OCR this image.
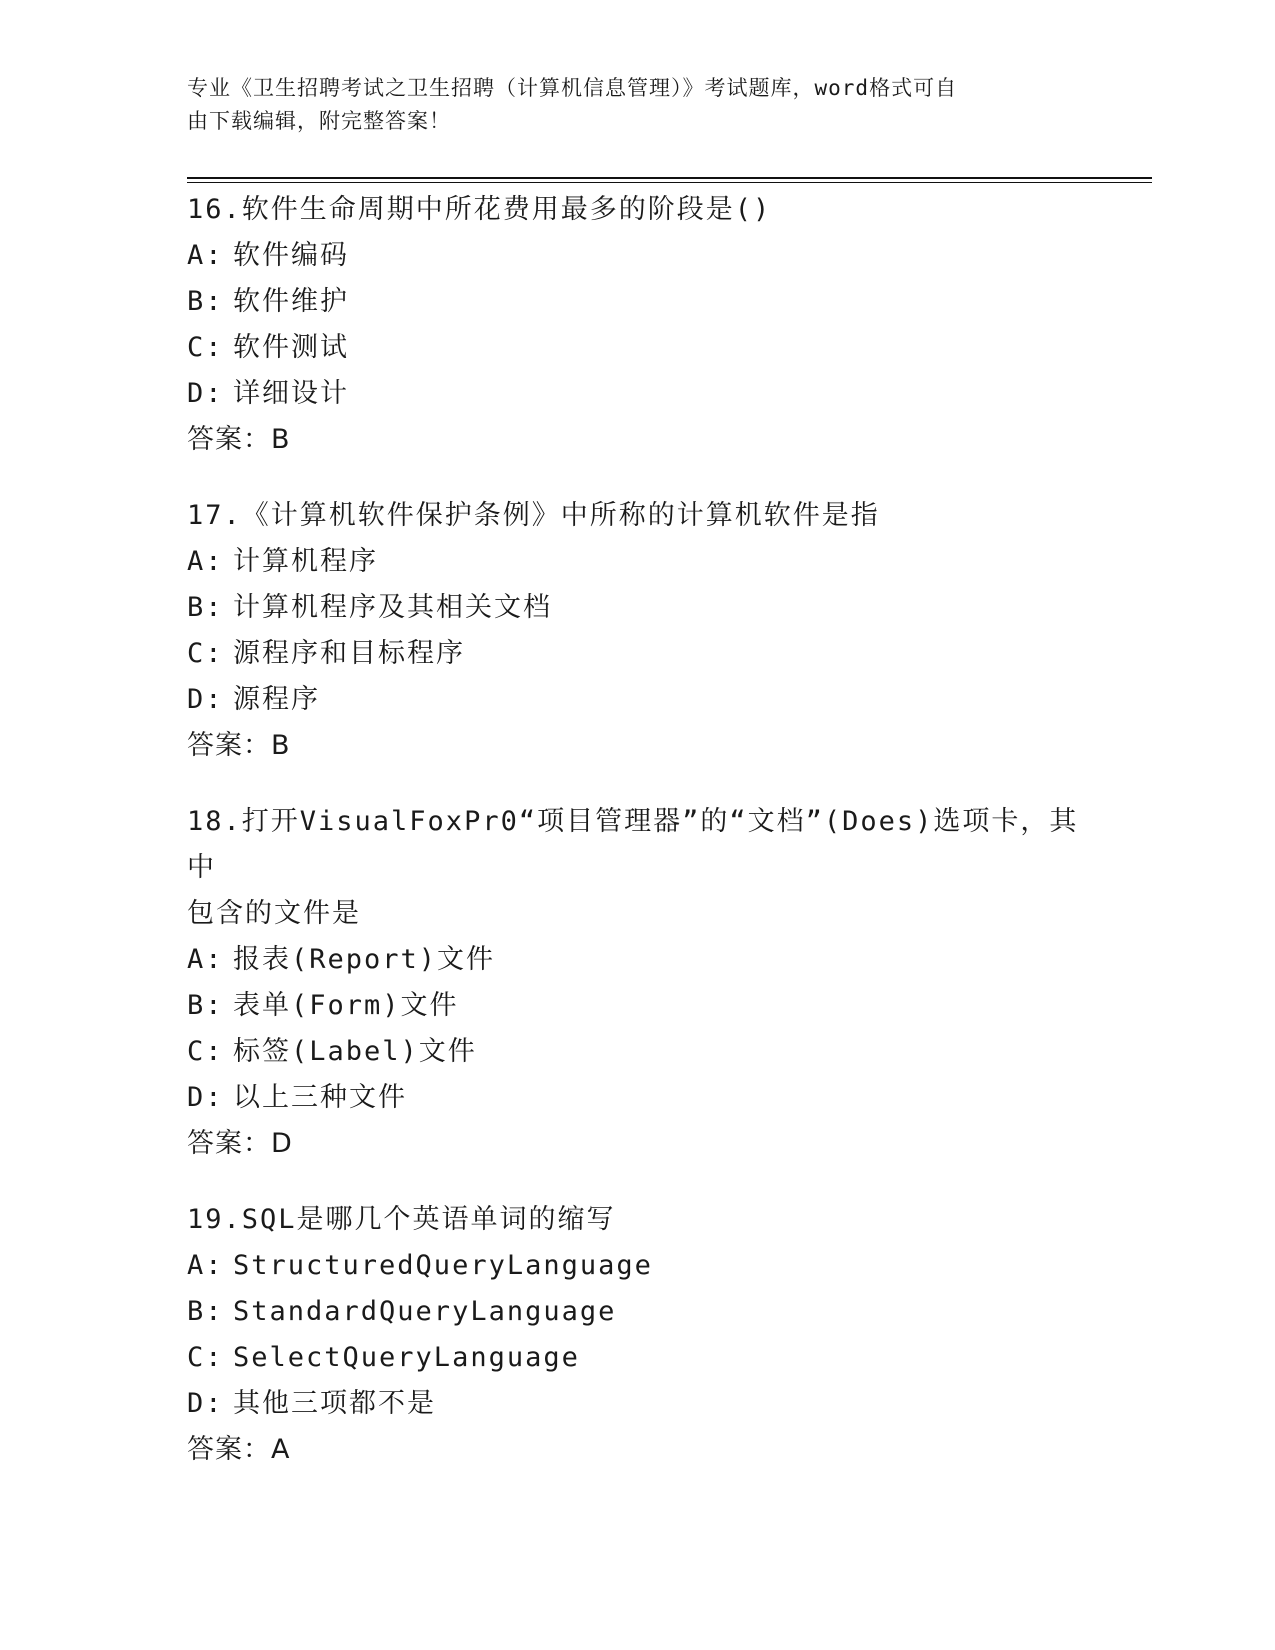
专业《卫生招聘考试之卫生招聘（计算机信息管理）》考试题库，word格式可自
由下载编辑，附完整答案！
16.软件生命周期中所花费用最多的阶段是()
A: 软件编码
B: 软件维护
C: 软件测试
D: 详细设计
答案：B
17.《计算机软件保护条例》中所称的计算机软件是指
A: 计算机程序
B: 计算机程序及其相关文档
C: 源程序和目标程序
D: 源程序
答案：B
18.打开VisualFoxPr0“项目管理器”的“文档”(Does)选项卡，其中
包含的文件是
A: 报表(Report)文件
B: 表单(Form)文件
C: 标签(Label)文件
D: 以上三种文件
答案：D
19.SQL是哪几个英语单词的缩写
A: StructuredQueryLanguage
B: StandardQueryLanguage
C: SelectQueryLanguage
D: 其他三项都不是
答案：A
